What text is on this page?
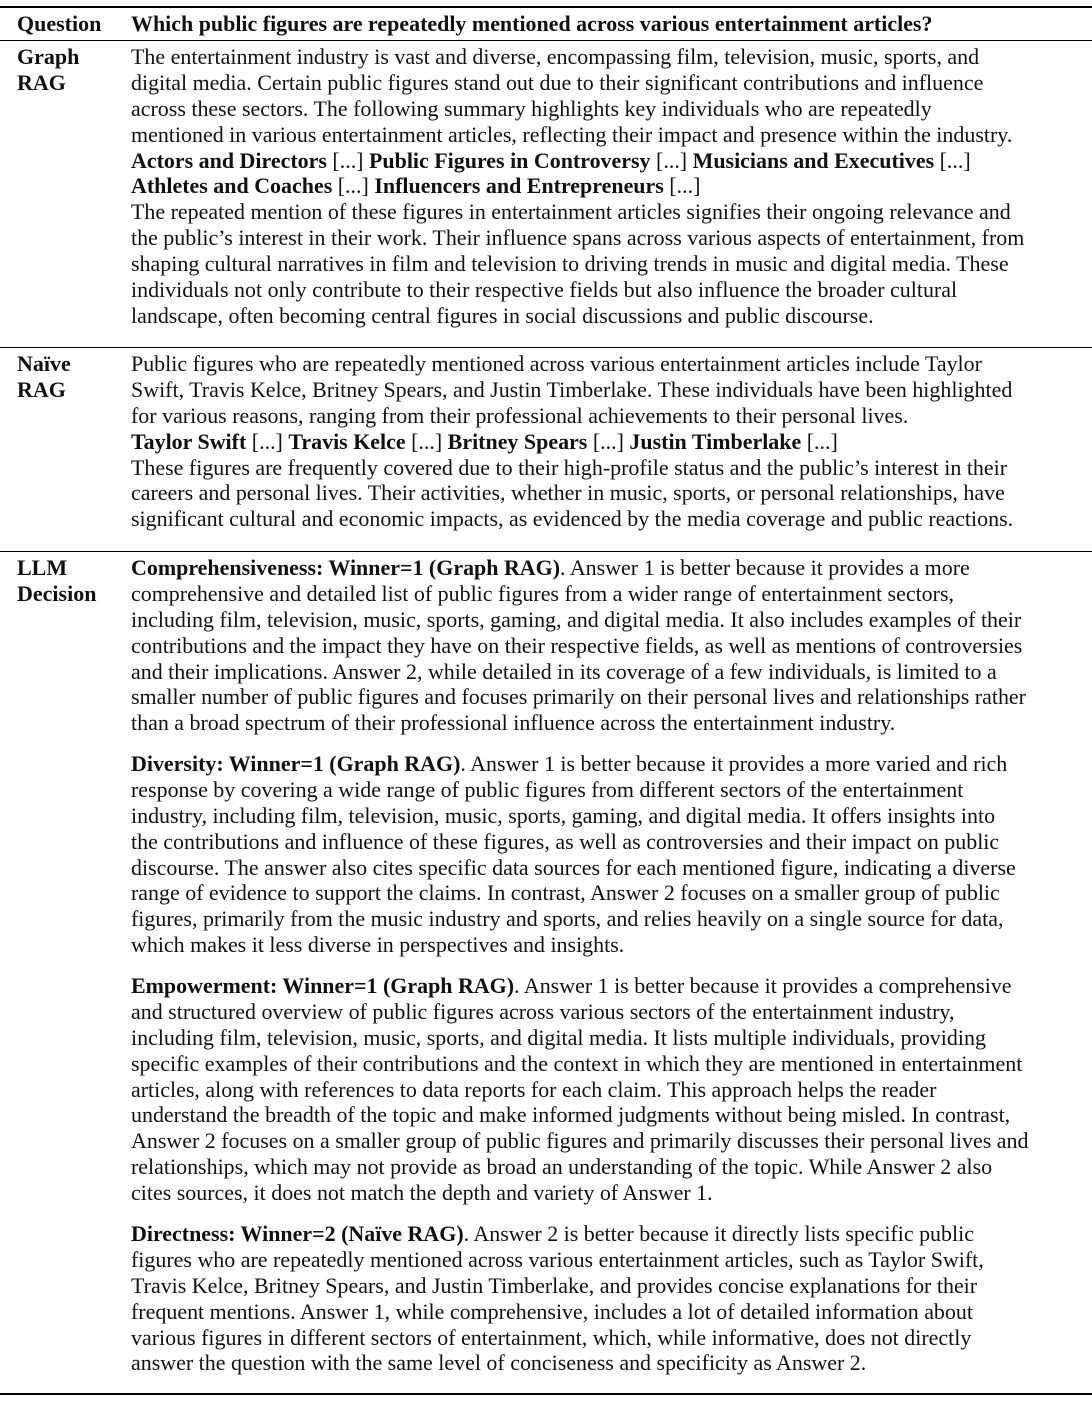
Question	Which public figures are repeatedly mentioned across various entertainment articles?
Graph
RAG
The entertainment industry is vast and diverse, encompassing film, television, music, sports, and
digital media. Certain public figures stand out due to their significant contributions and influence
across these sectors. The following summary highlights key individuals who are repeatedly
mentioned in various entertainment articles, reflecting their impact and presence within the industry.
Actors and Directors [...] Public Figures in Controversy [...] Musicians and Executives [...]
Athletes and Coaches [...] Influencers and Entrepreneurs [...]
The repeated mention of these figures in entertainment articles signifies their ongoing relevance and
the public’s interest in their work. Their influence spans across various aspects of entertainment, from
shaping cultural narratives in film and television to driving trends in music and digital media. These
individuals not only contribute to their respective fields but also influence the broader cultural
landscape, often becoming central figures in social discussions and public discourse.
Naïve
RAG
Public figures who are repeatedly mentioned across various entertainment articles include Taylor
Swift, Travis Kelce, Britney Spears, and Justin Timberlake. These individuals have been highlighted
for various reasons, ranging from their professional achievements to their personal lives.
Taylor Swift [...] Travis Kelce [...] Britney Spears [...] Justin Timberlake [...]
These figures are frequently covered due to their high-profile status and the public’s interest in their
careers and personal lives. Their activities, whether in music, sports, or personal relationships, have
significant cultural and economic impacts, as evidenced by the media coverage and public reactions.
LLM
Decision
Comprehensiveness: Winner=1 (Graph RAG). Answer 1 is better because it provides a more
comprehensive and detailed list of public figures from a wider range of entertainment sectors,
including film, television, music, sports, gaming, and digital media. It also includes examples of their
contributions and the impact they have on their respective fields, as well as mentions of controversies
and their implications. Answer 2, while detailed in its coverage of a few individuals, is limited to a
smaller number of public figures and focuses primarily on their personal lives and relationships rather
than a broad spectrum of their professional influence across the entertainment industry.
Diversity: Winner=1 (Graph RAG). Answer 1 is better because it provides a more varied and rich
response by covering a wide range of public figures from different sectors of the entertainment
industry, including film, television, music, sports, gaming, and digital media. It offers insights into
the contributions and influence of these figures, as well as controversies and their impact on public
discourse. The answer also cites specific data sources for each mentioned figure, indicating a diverse
range of evidence to support the claims. In contrast, Answer 2 focuses on a smaller group of public
figures, primarily from the music industry and sports, and relies heavily on a single source for data,
which makes it less diverse in perspectives and insights.
Empowerment: Winner=1 (Graph RAG). Answer 1 is better because it provides a comprehensive
and structured overview of public figures across various sectors of the entertainment industry,
including film, television, music, sports, and digital media. It lists multiple individuals, providing
specific examples of their contributions and the context in which they are mentioned in entertainment
articles, along with references to data reports for each claim. This approach helps the reader
understand the breadth of the topic and make informed judgments without being misled. In contrast,
Answer 2 focuses on a smaller group of public figures and primarily discusses their personal lives and
relationships, which may not provide as broad an understanding of the topic. While Answer 2 also
cites sources, it does not match the depth and variety of Answer 1.
Directness: Winner=2 (Naïve RAG). Answer 2 is better because it directly lists specific public
figures who are repeatedly mentioned across various entertainment articles, such as Taylor Swift,
Travis Kelce, Britney Spears, and Justin Timberlake, and provides concise explanations for their
frequent mentions. Answer 1, while comprehensive, includes a lot of detailed information about
various figures in different sectors of entertainment, which, while informative, does not directly
answer the question with the same level of conciseness and specificity as Answer 2.
